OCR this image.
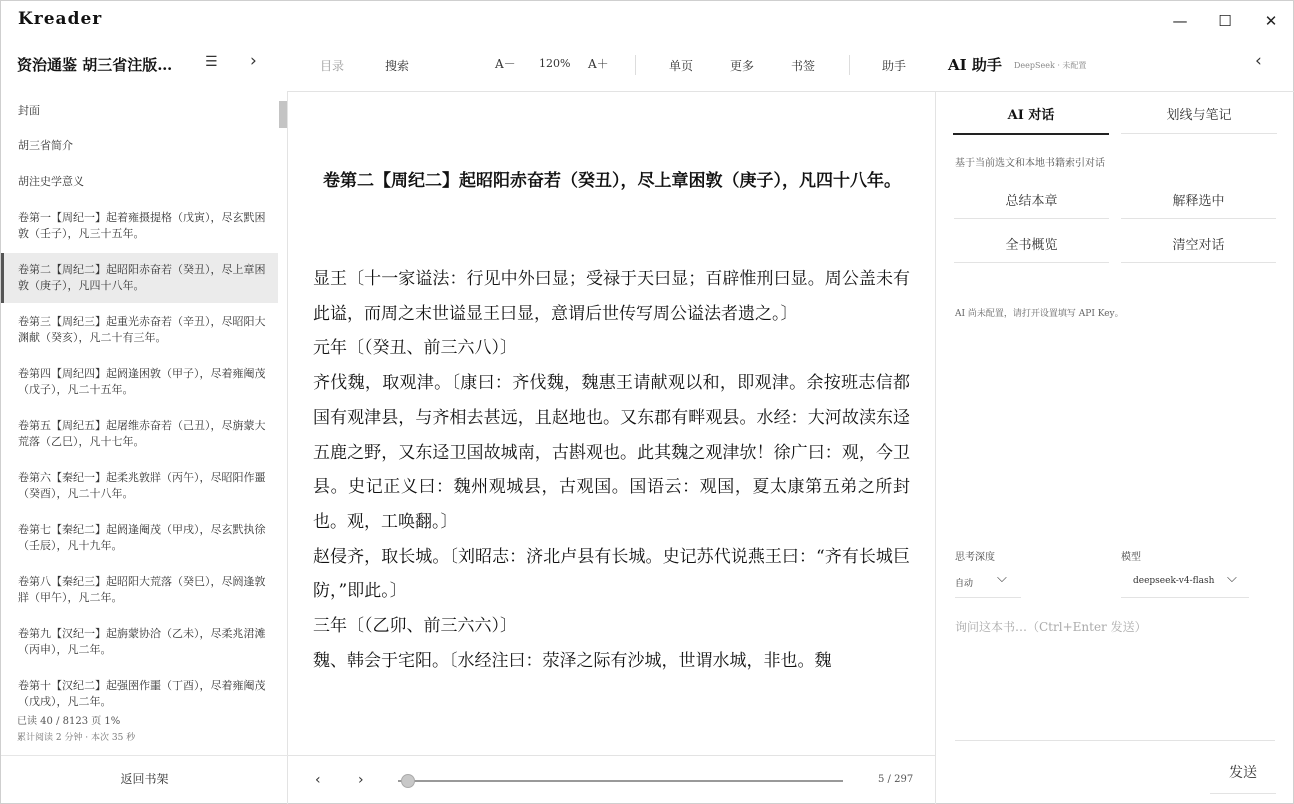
Kreader	— ☐ ✕
资治通鉴 胡三省注版… ☰ ›	目录	搜索	A－ 120% A＋	单页	更多	书签	助手	AI 助手 DeepSeek · 未配置	‹
封面
胡三省简介
胡注史学意义
卷第一【周纪一】起着雍摄提格（戊寅），尽玄黓困敦（壬子），凡三十五年。
卷第二【周纪二】起昭阳赤奋若（癸丑），尽上章困敦（庚子），凡四十八年。
卷第三【周纪三】起重光赤奋若（辛丑），尽昭阳大渊献（癸亥），凡二十有三年。
卷第四【周纪四】起阏逢困敦（甲子），尽着雍阉茂（戊子），凡二十五年。
卷第五【周纪五】起屠维赤奋若（己丑），尽旃蒙大荒落（乙巳），凡十七年。
卷第六【秦纪一】起柔兆敦牂（丙午），尽昭阳作噩（癸酉），凡二十八年。
卷第七【秦纪二】起阏逢阉茂（甲戌），尽玄黓执徐（壬辰），凡十九年。
卷第八【秦纪三】起昭阳大荒落（癸巳），尽阏逢敦牂（甲午），凡二年。
卷第九【汉纪一】起旃蒙协洽（乙未），尽柔兆涒滩（丙申），凡二年。
卷第十【汉纪二】起强圉作噩（丁酉），尽着雍阉茂（戊戌），凡二年。
已读 40 / 8123 页 1%
累计阅读 2 分钟 · 本次 35 秒
返回书架
卷第二【周纪二】起昭阳赤奋若（癸丑），尽上章困敦（庚子），凡四十八年。

显王〔十一家谥法：行见中外曰显；受禄于天曰显；百辟惟刑曰显。周公盖未有此谥，而周之末世谥显王曰显，意谓后世传写周公谥法者遗之。〕

元年〔（癸丑、前三六八）〕

齐伐魏，取观津。〔康曰：齐伐魏，魏惠王请献观以和，即观津。余按班志信都国有观津县，与齐相去甚远，且赵地也。又东郡有畔观县。水经：大河故渎东迳五鹿之野，又东迳卫国故城南，古斟观也。此其魏之观津欤！徐广曰：观，今卫县。史记正义曰：魏州观城县，古观国。国语云：观国，夏太康第五弟之所封也。观，工唤翻。〕

赵侵齐，取长城。〔刘昭志：济北卢县有长城。史记苏代说燕王曰：“齐有长城巨防，”即此。〕

三年〔（乙卯、前三六六）〕

魏、韩会于宅阳。〔水经注曰：荥泽之际有沙城，世谓水城，非也。魏

‹	›	5 / 297
AI 对话	划线与笔记
基于当前选文和本地书籍索引对话
总结本章	解释选中
全书概览	清空对话
AI 尚未配置，请打开设置填写 API Key。
思考深度
自动 ⌵
模型
deepseek-v4-flash ⌵
询问这本书…（Ctrl+Enter 发送）
发送
